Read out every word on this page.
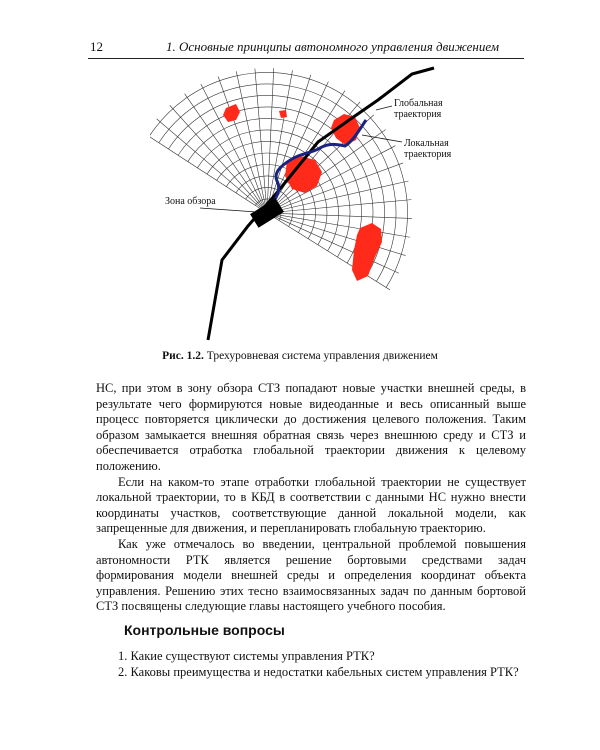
12	1. Основные принципы автономного управления движением
Глобальная
траектория
Локальная
траектория
Зона обзора
Рис. 1.2. Трехуровневая система управления движением

НС, при этом в зону обзора СТЗ попадают новые участки внешней среды, в результате чего формируются новые видеоданные и весь описанный выше процесс повторяется циклически до достижения целевого положения. Таким образом замыкается внешняя обратная связь через внешнюю среду и СТЗ и обеспечивается отработка глобальной траектории движения к целевому положению.

Если на каком-то этапе отработки глобальной траектории не существует локальной траектории, то в КБД в соответствии с данными НС нужно внести координаты участков, соответствующие данной локальной модели, как запрещенные для движения, и перепланировать глобальную траекторию.

Как уже отмечалось во введении, центральной проблемой повышения автономности РТК является решение бортовыми средствами задач формирования модели внешней среды и определения координат объекта управления. Решению этих тесно взаимосвязанных задач по данным бортовой СТЗ посвящены следующие главы настоящего учебного пособия.

Контрольные вопросы

1. Какие существуют системы управления РТК?

2. Каковы преимущества и недостатки кабельных систем управления РТК?
